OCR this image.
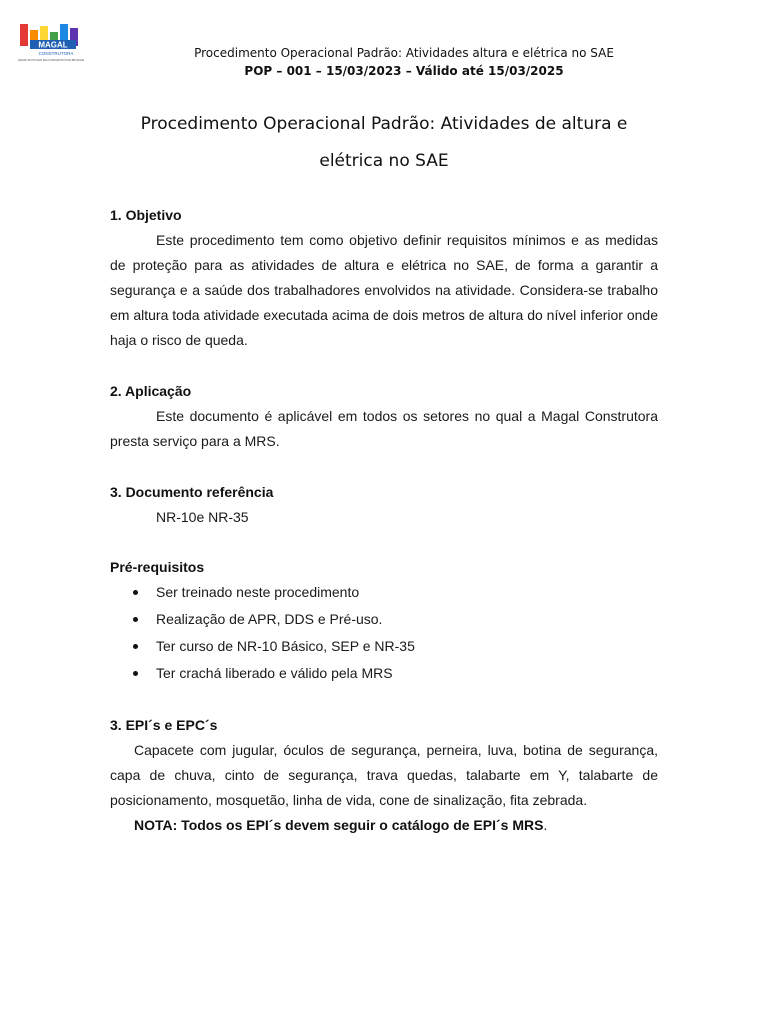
MAGAL
CONSTRUTORA
FAZENDO MUITO MAIS PELA INFRAESTRUTURA BRASILEIRA
Procedimento Operacional Padrão: Atividades altura e elétrica no SAE
POP – 001 – 15/03/2023 – Válido até 15/03/2025
Procedimento Operacional Padrão: Atividades de altura e
elétrica no SAE
1. Objetivo

Este procedimento tem como objetivo definir requisitos mínimos e as medidas de proteção para as atividades de altura e elétrica no SAE, de forma a garantir a segurança e a saúde dos trabalhadores envolvidos na atividade. Considera-se trabalho em altura toda atividade executada acima de dois metros de altura do nível inferior onde haja o risco de queda.

2. Aplicação

Este documento é aplicável em todos os setores no qual a Magal Construtora presta serviço para a MRS.

3. Documento referência

NR-10e NR-35

Pré-requisitos
Ser treinado neste procedimento
Realização de APR, DDS e Pré-uso.
Ter curso de NR-10 Básico, SEP e NR-35
Ter crachá liberado e válido pela MRS
3. EPI´s e EPC´s

Capacete com jugular, óculos de segurança, perneira, luva, botina de segurança, capa de chuva, cinto de segurança, trava quedas, talabarte em Y, talabarte de posicionamento, mosquetão, linha de vida, cone de sinalização, fita zebrada.

NOTA: Todos os EPI´s devem seguir o catálogo de EPI´s MRS.
